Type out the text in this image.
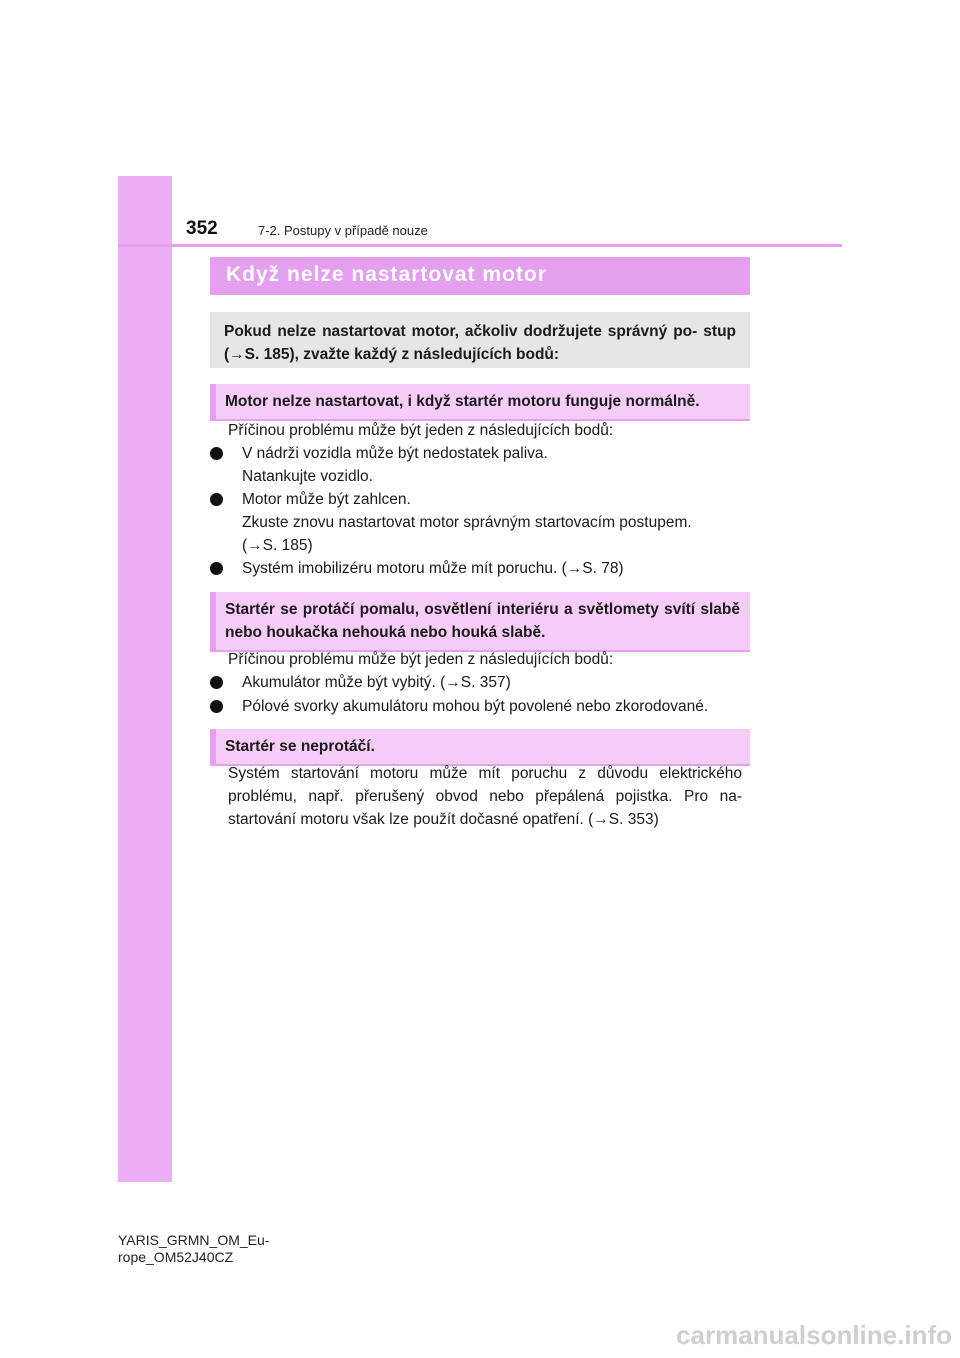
352	7-2. Postupy v případě nouze
Když nelze nastartovat motor

Pokud nelze nastartovat motor, ačkoliv dodržujete správný po- stup (→S. 185), zvažte každý z následujících bodů:

Motor nelze nastartovat, i když startér motoru funguje normálně.

Příčinou problému může být jeden z následujících bodů:
V nádrži vozidla může být nedostatek paliva.
Natankujte vozidlo.
Motor může být zahlcen.
Zkuste znovu nastartovat motor správným startovacím postupem.
(→S. 185)
Systém imobilizéru motoru může mít poruchu. (→S. 78)

Startér se protáčí pomalu, osvětlení interiéru a světlomety svítí slabě nebo houkačka nehouká nebo houká slabě.

Příčinou problému může být jeden z následujících bodů:
Akumulátor může být vybitý. (→S. 357)
Pólové svorky akumulátoru mohou být povolené nebo zkorodované.

Startér se neprotáčí.

Systém startování motoru může mít poruchu z důvodu elektrického problému, např. přerušený obvod nebo přepálená pojistka. Pro na- startování motoru však lze použít dočasné opatření. (→S. 353)
YARIS_GRMN_OM_Eu-
rope_OM52J40CZ
carmanualsonline.info
